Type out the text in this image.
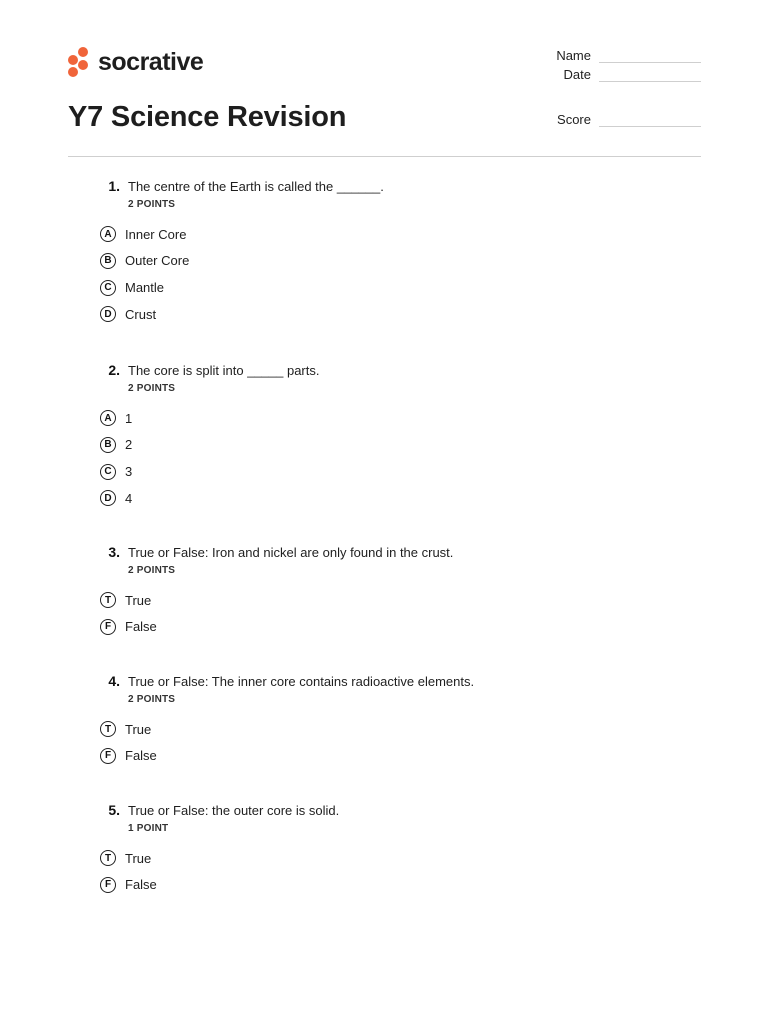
socrative	Name
Date
Score
Y7 Science Revision
1. The centre of the Earth is called the ______.
2 POINTS
A	Inner Core
B	Outer Core
C	Mantle
D	Crust
2. The core is split into _____ parts.
2 POINTS
A	1
B	2
C	3
D	4
3. True or False: Iron and nickel are only found in the crust.
2 POINTS
T	True
F	False
4. True or False: The inner core contains radioactive elements.
2 POINTS
T	True
F	False
5. True or False: the outer core is solid.
1 POINT
T	True
F	False
